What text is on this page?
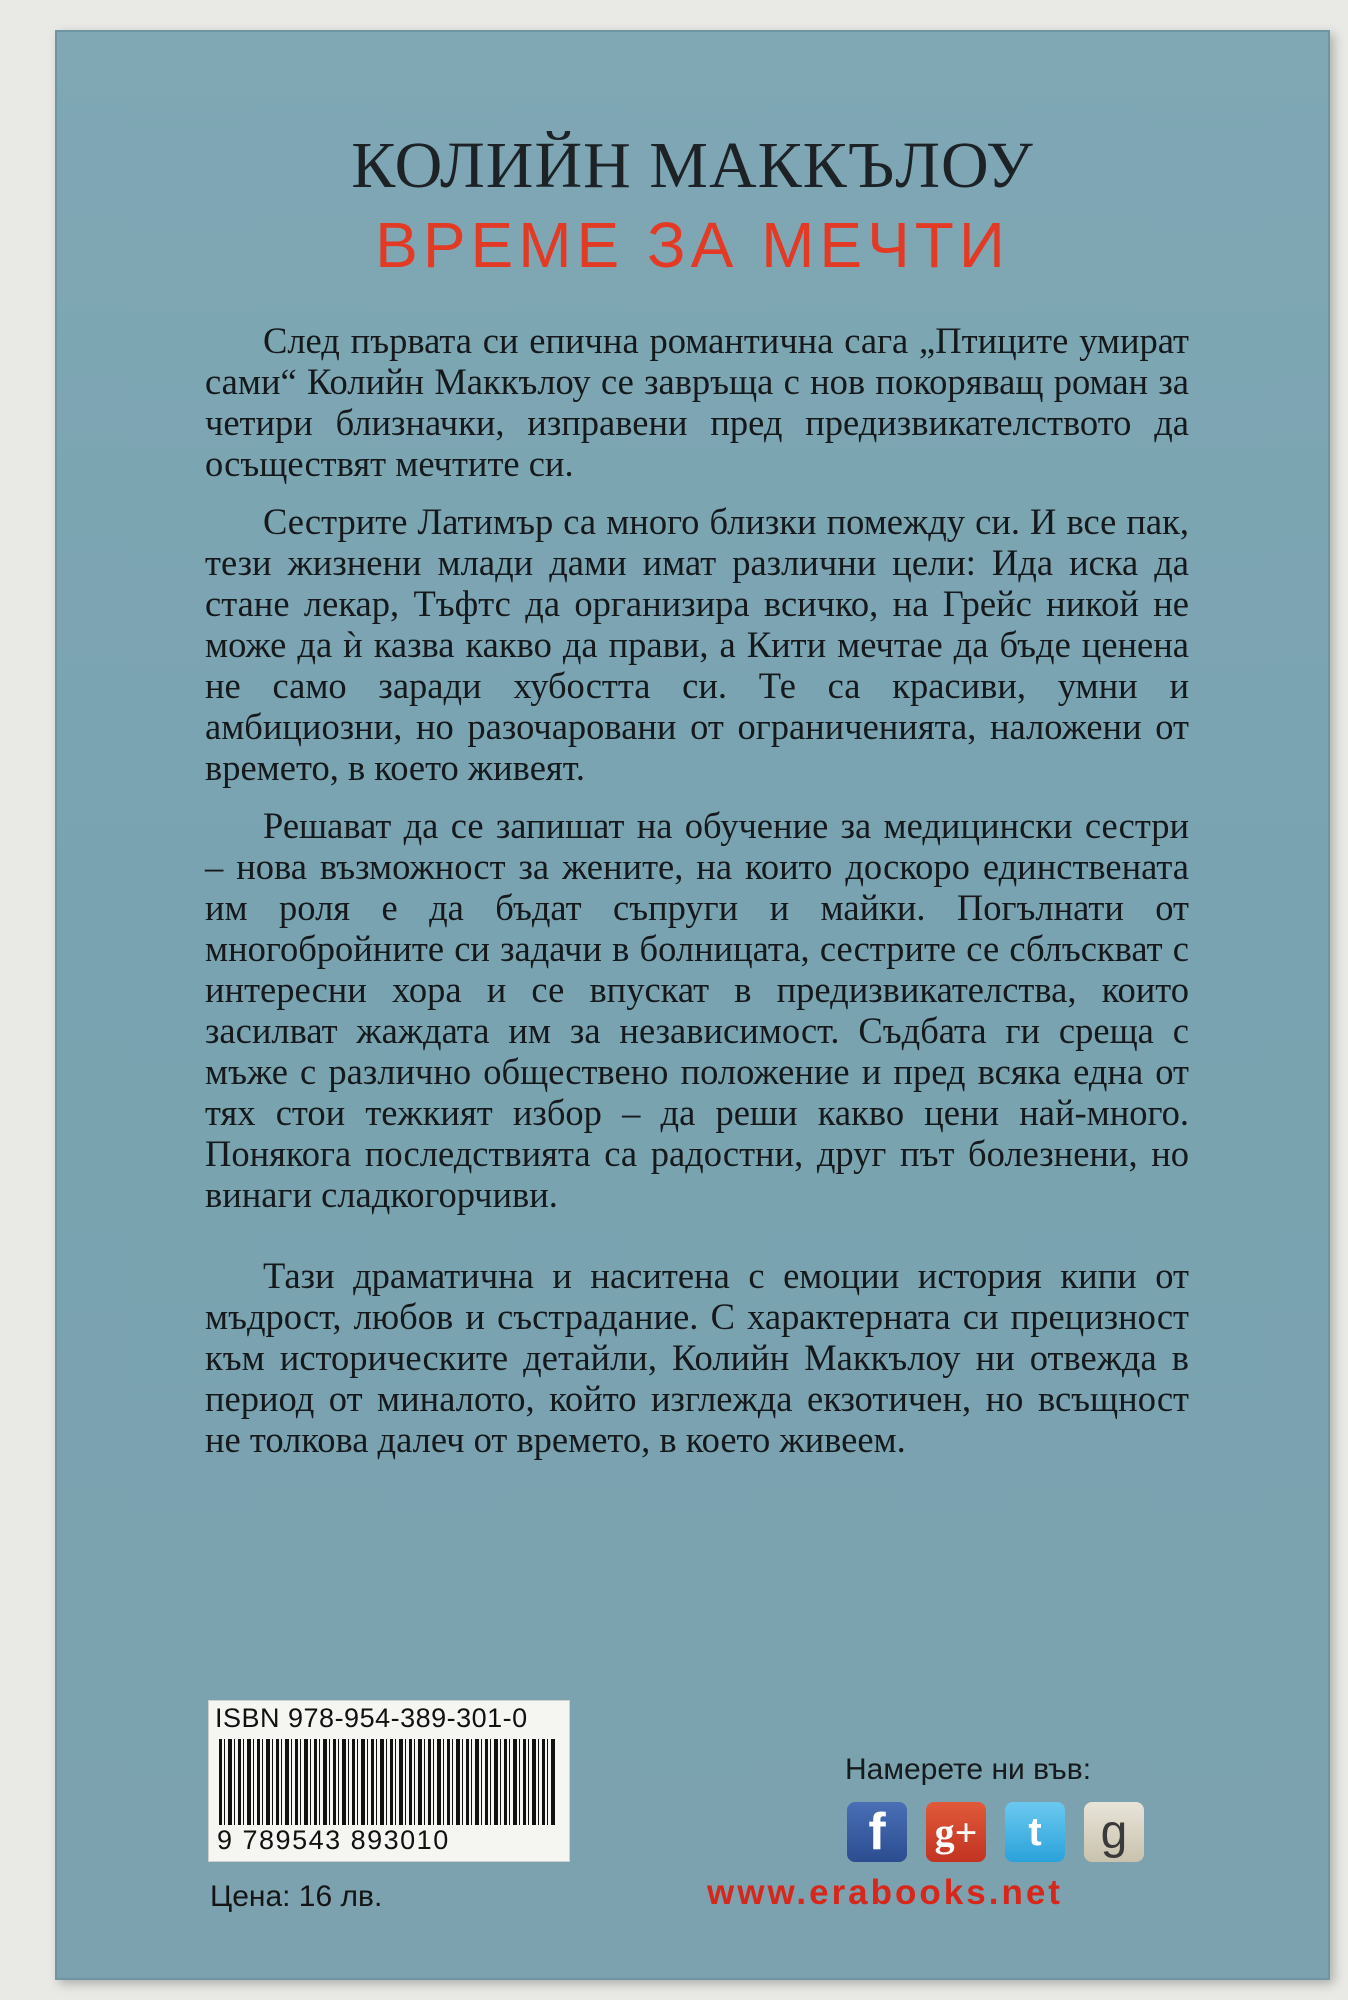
КОЛИЙН МАККЪЛОУ
ВРЕМЕ ЗА МЕЧТИ

След първата си епична романтична сага „Птиците умират сами“ Колийн Маккълоу се завръща с нов покоряващ роман за четири близначки, изправени пред предизвикателството да осъществят мечтите си.

Сестрите Латимър са много близки помежду си. И все пак, тези жизнени млади дами имат различни цели: Ида иска да стане лекар, Тъфтс да организира всичко, на Грейс никой не може да ѝ казва какво да прави, а Кити мечтае да бъде ценена не само заради хубостта си. Те са красиви, умни и амбициозни, но разочаровани от ограниченията, наложени от времето, в което живеят.

Решават да се запишат на обучение за медицински сестри – нова възможност за жените, на които доскоро единствената им роля е да бъдат съпруги и майки. Погълнати от многобройните си задачи в болницата, сестрите се сблъскват с интересни хора и се впускат в предизвикателства, които засилват жаждата им за независимост. Съдбата ги среща с мъже с различно обществено положение и пред всяка една от тях стои тежкият избор – да реши какво цени най-много. Понякога последствията са радостни, друг път болезнени, но винаги сладкогорчиви.

Тази драматична и наситена с емоции история кипи от мъдрост, любов и състрадание. С характерната си прецизност към историческите детайли, Колийн Маккълоу ни отвежда в период от миналото, който изглежда екзотичен, но всъщност не толкова далеч от времето, в което живеем.

ISBN 978-954-389-301-0
9 789543 893010
Цена: 16 лв.
Намерете ни във:
f	g+	t	g
www.erabooks.net
